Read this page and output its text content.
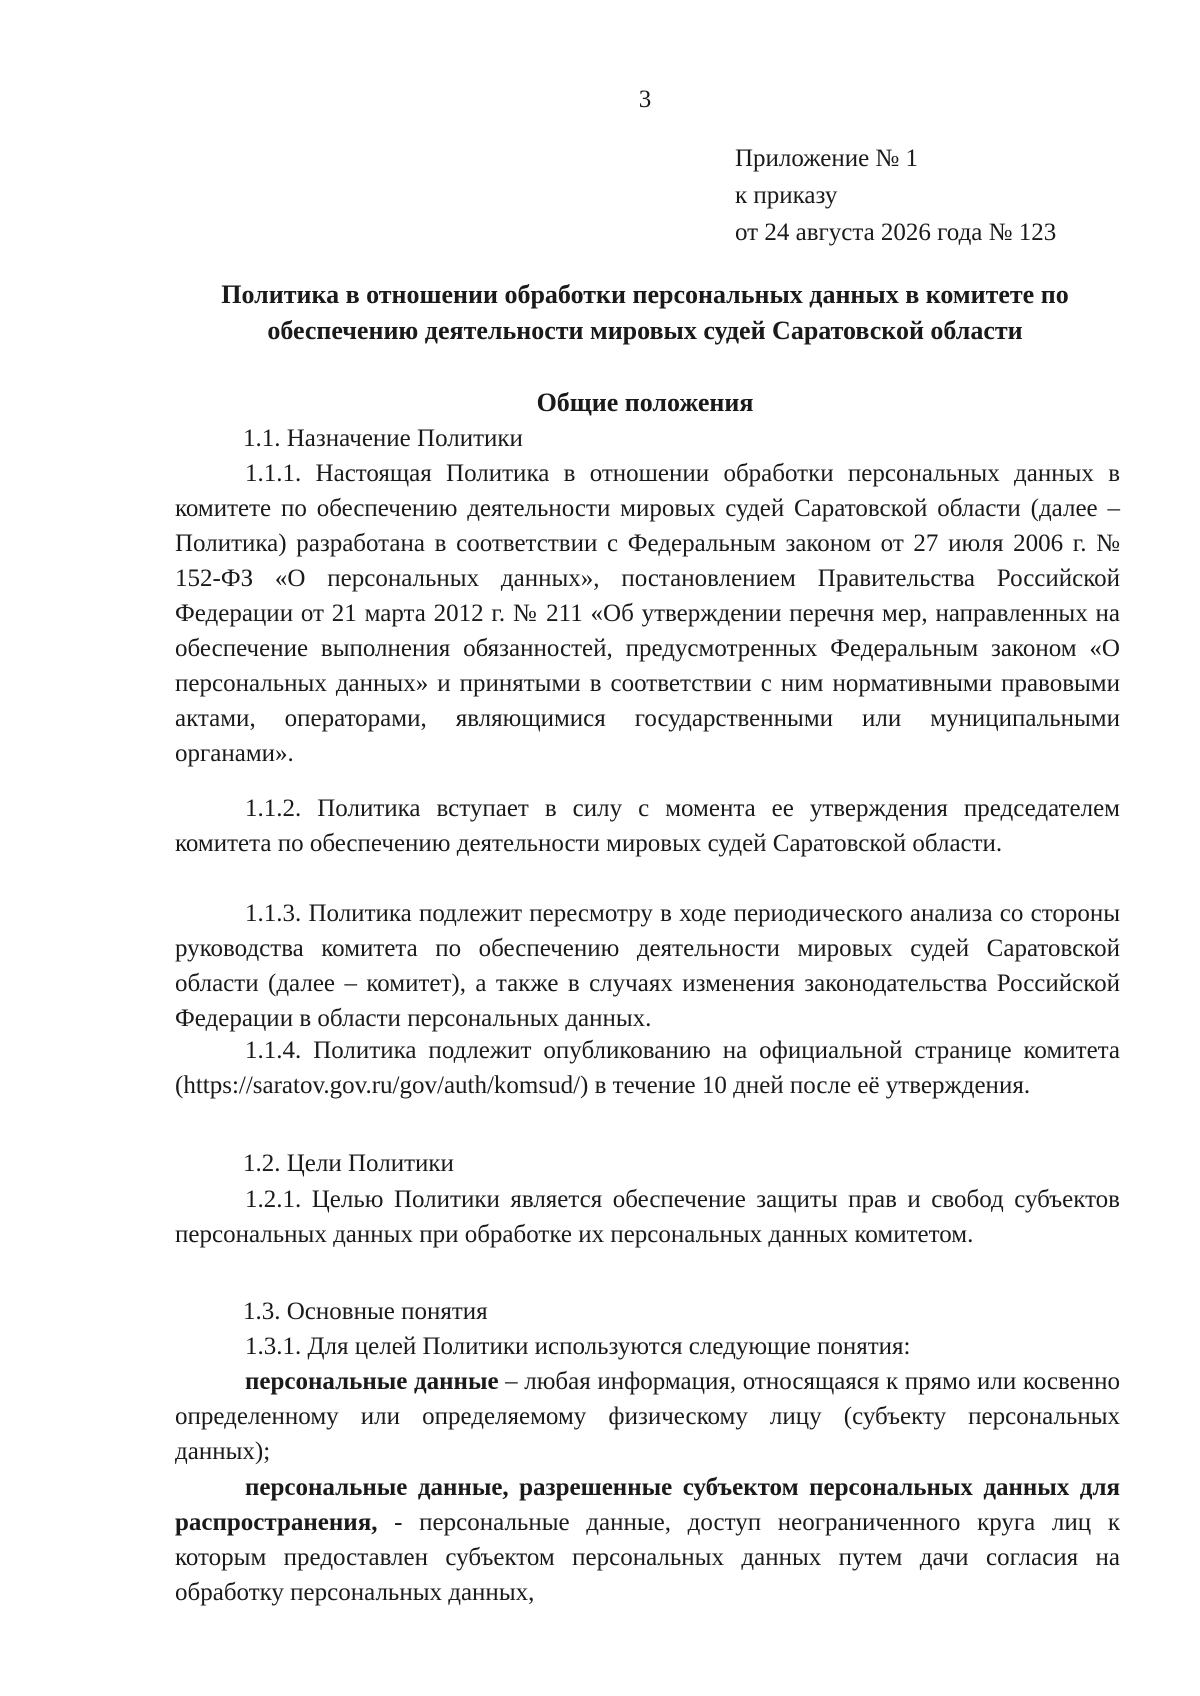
3
Приложение № 1
к приказу
от 24 августа 2026 года № 123
Политика в отношении обработки персональных данных в комитете по обеспечению деятельности мировых судей Саратовской области
Общие положения
1.1. Назначение Политики
1.1.1. Настоящая Политика в отношении обработки персональных данных в комитете по обеспечению деятельности мировых судей Саратовской области (далее – Политика) разработана в соответствии с Федеральным законом от 27 июля 2006 г. № 152-ФЗ «О персональных данных», постановлением Правительства Российской Федерации от 21 марта 2012 г. № 211 «Об утверждении перечня мер, направленных на обеспечение выполнения обязанностей, предусмотренных Федеральным законом «О персональных данных» и принятыми в соответствии с ним нормативными правовыми актами, операторами, являющимися государственными или муниципальными органами».
1.1.2. Политика вступает в силу с момента ее утверждения председателем комитета по обеспечению деятельности мировых судей Саратовской области.
1.1.3. Политика подлежит пересмотру в ходе периодического анализа со стороны руководства комитета по обеспечению деятельности мировых судей Саратовской области (далее – комитет), а также в случаях изменения законодательства Российской Федерации в области персональных данных.
1.1.4. Политика подлежит опубликованию на официальной странице комитета (https://saratov.gov.ru/gov/auth/komsud/) в течение 10 дней после её утверждения.
1.2. Цели Политики
1.2.1. Целью Политики является обеспечение защиты прав и свобод субъектов персональных данных при обработке их персональных данных комитетом.
1.3. Основные понятия
1.3.1. Для целей Политики используются следующие понятия:
персональные данные – любая информация, относящаяся к прямо или косвенно определенному или определяемому физическому лицу (субъекту персональных данных);
персональные данные, разрешенные субъектом персональных данных для распространения, - персональные данные, доступ неограниченного круга лиц к которым предоставлен субъектом персональных данных путем дачи согласия на обработку персональных данных,
